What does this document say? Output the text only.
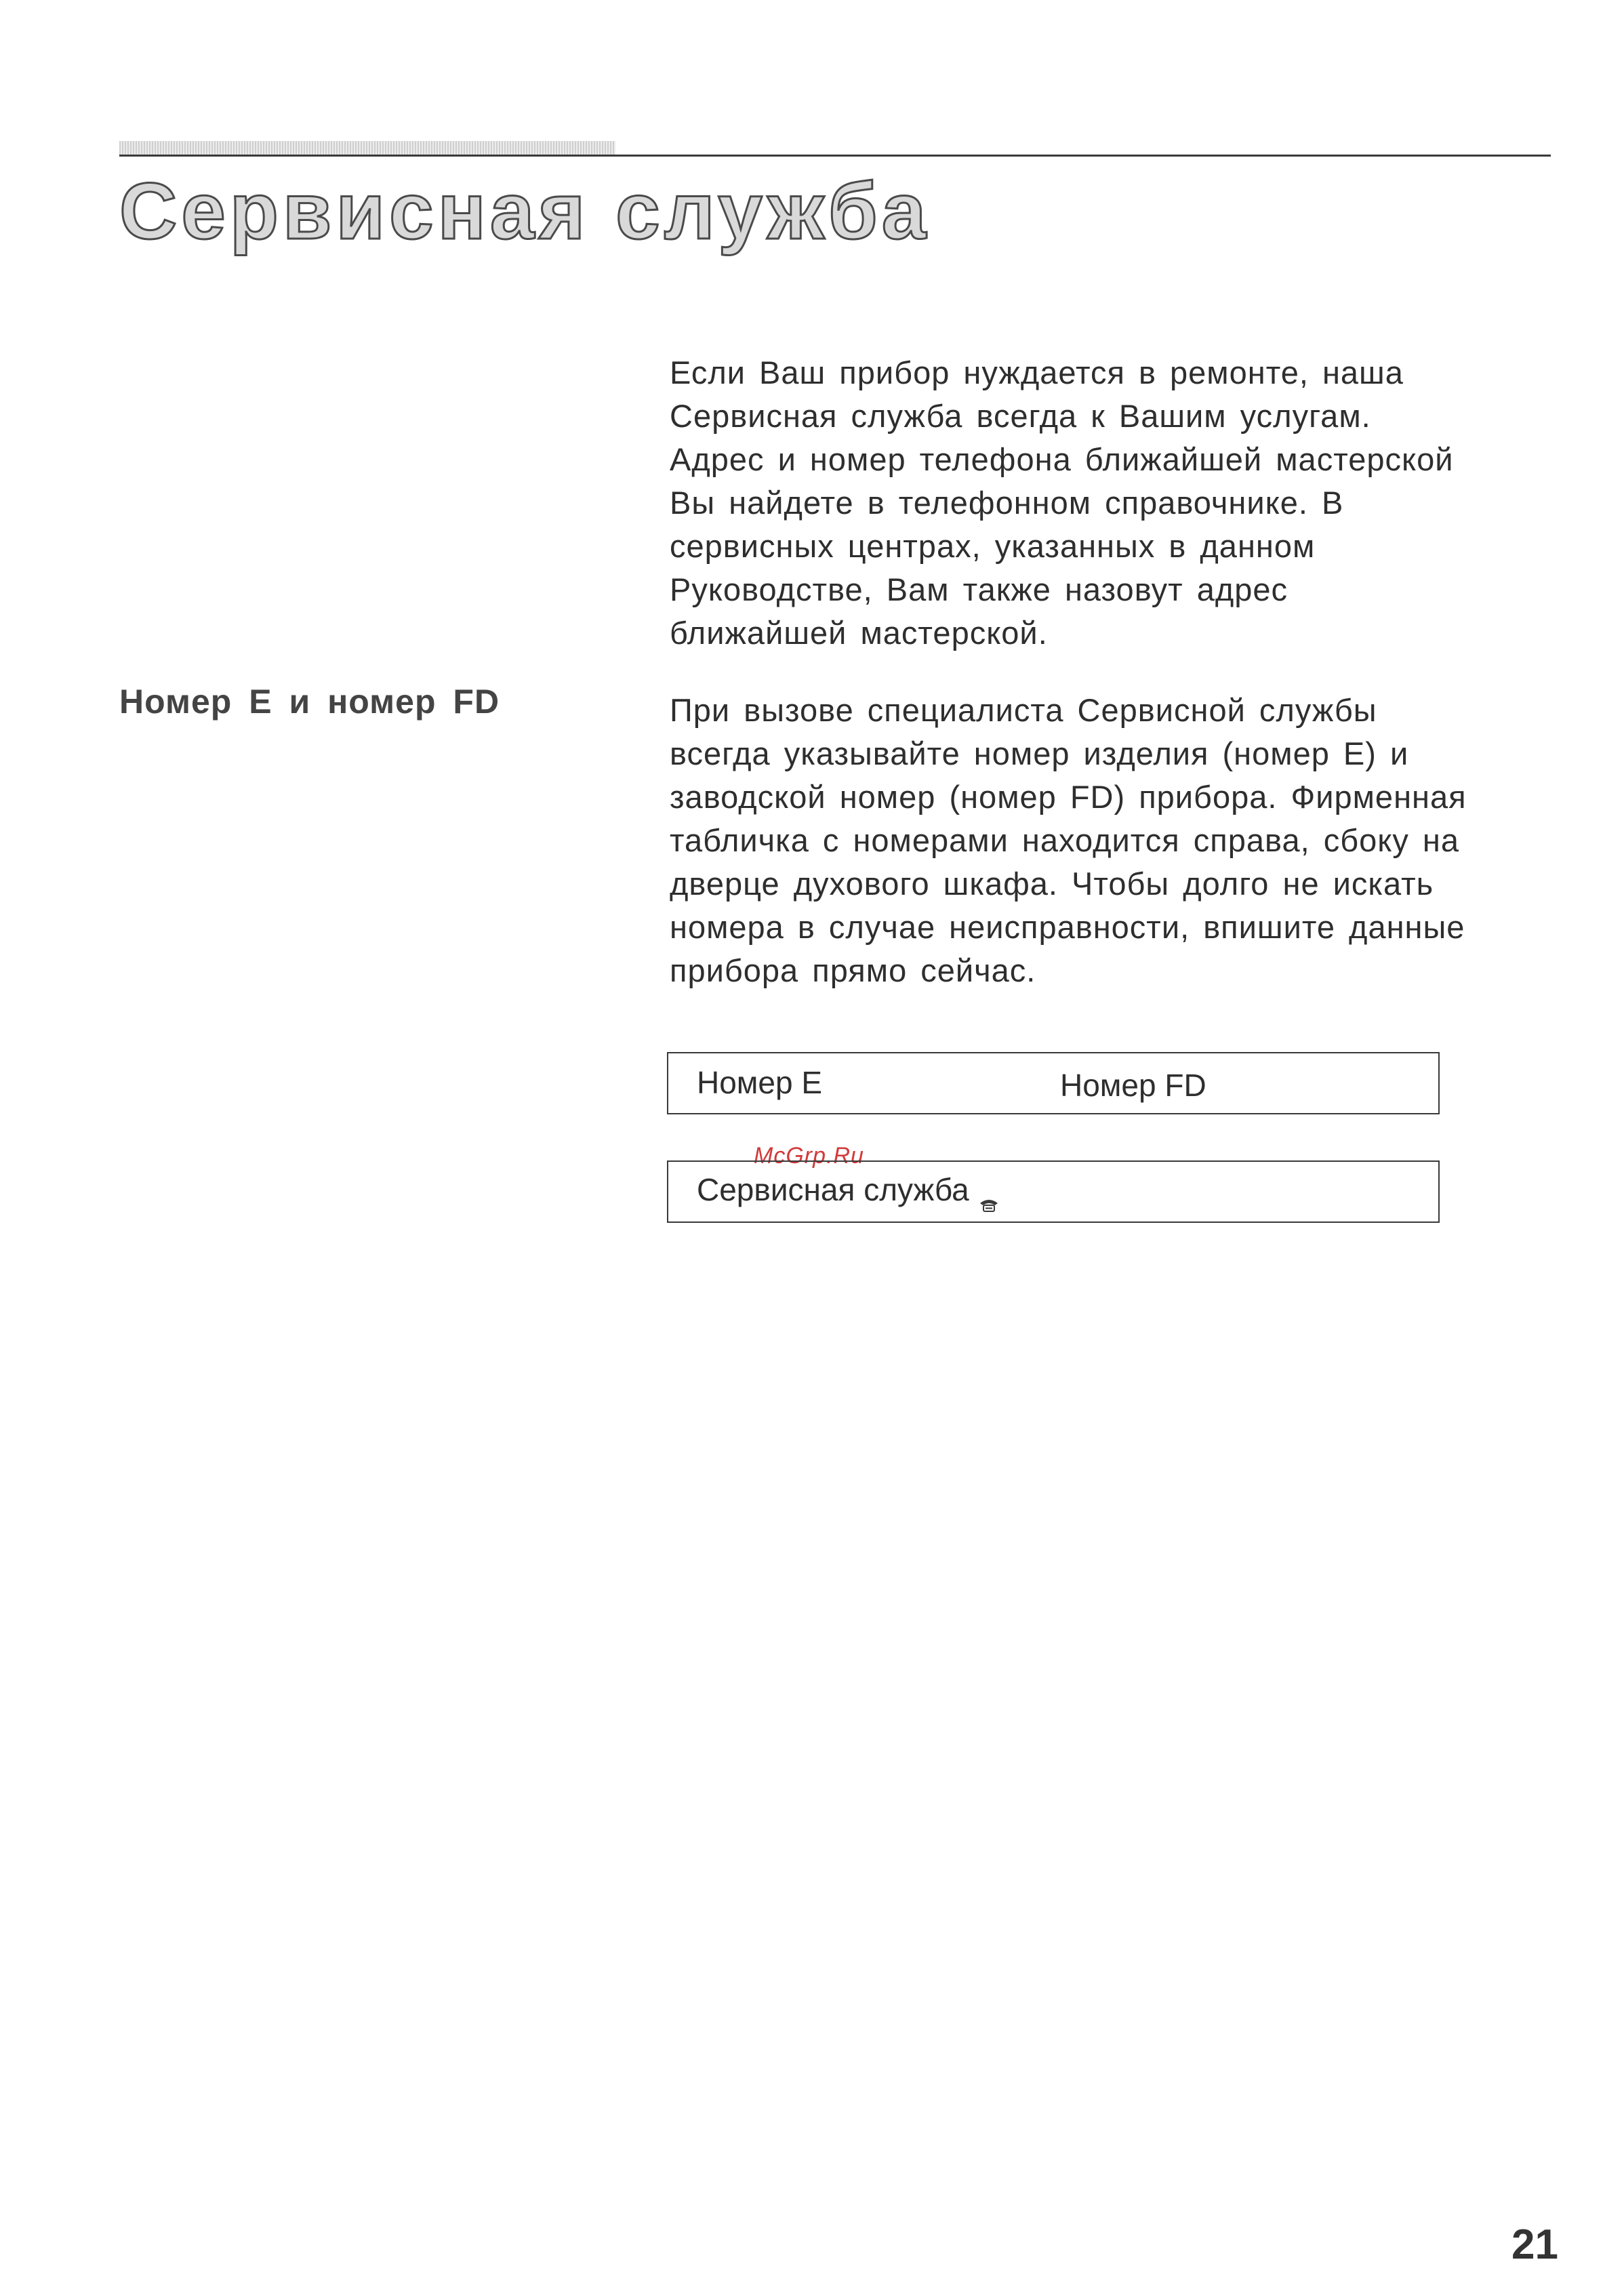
Сервисная служба
Если Ваш прибор нуждается в ремонте, наша
Сервисная служба всегда к Вашим услугам.
Адрес и номер телефона ближайшей мастерской
Вы найдете в телефонном справочнике. В
сервисных центрах, указанных в данном
Руководстве, Вам также назовут адрес
ближайшей мастерской.
Номер E и номер FD	При вызове специалиста Сервисной службы
всегда указывайте номер изделия (номер E) и
заводской номер (номер FD) прибора. Фирменная
табличка с номерами находится справа, сбоку на
дверце духового шкафа. Чтобы долго не искать
номера в случае неисправности, впишите данные
прибора прямо сейчас.
Номер E	Номер FD
McGrp.Ru
Сервисная служба
21
